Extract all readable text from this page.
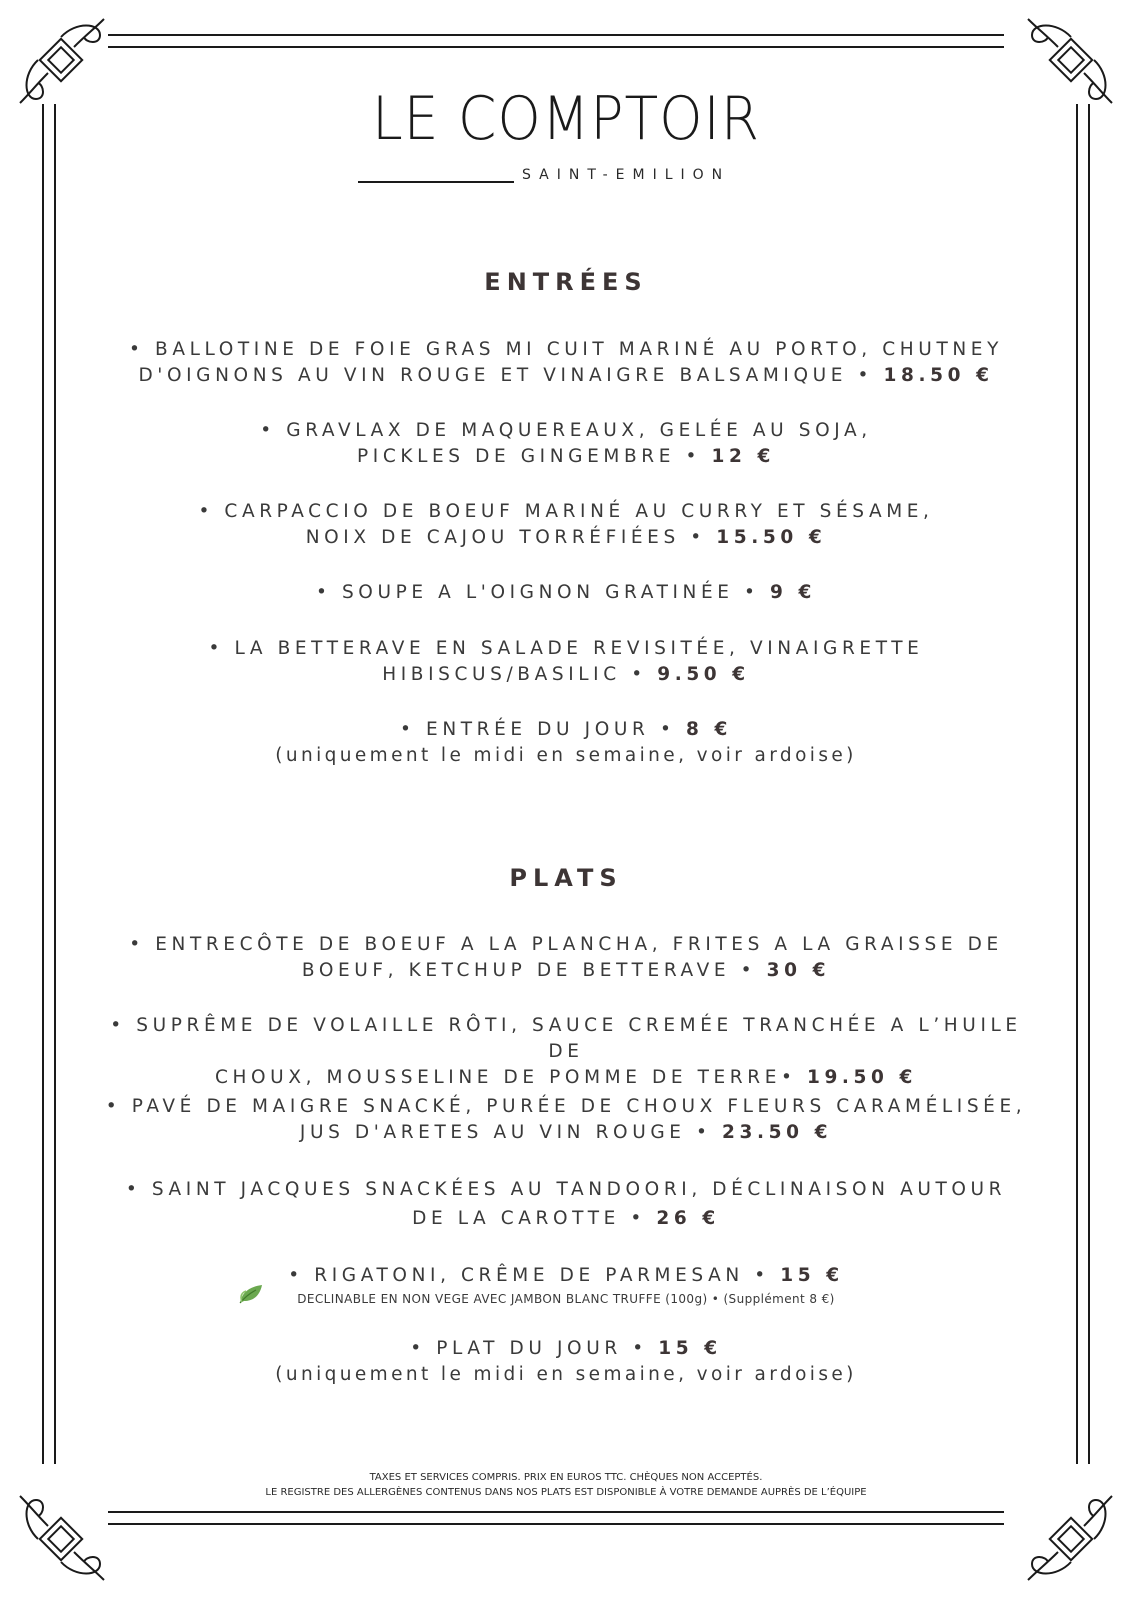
LE COMPTOIR
SAINT-EMILION
ENTRÉES
• BALLOTINE DE FOIE GRAS MI CUIT MARINÉ AU PORTO, CHUTNEY
D'OIGNONS AU VIN ROUGE ET VINAIGRE BALSAMIQUE • 18.50 €
• GRAVLAX DE MAQUEREAUX, GELÉE AU SOJA,
PICKLES DE GINGEMBRE • 12 €
• CARPACCIO DE BOEUF MARINÉ AU CURRY ET SÉSAME,
NOIX DE CAJOU TORRÉFIÉES • 15.50 €
• SOUPE A L'OIGNON GRATINÉE • 9 €
• LA BETTERAVE EN SALADE REVISITÉE, VINAIGRETTE
HIBISCUS/BASILIC • 9.50 €
• ENTRÉE DU JOUR • 8 €
(uniquement le midi en semaine, voir ardoise)
PLATS
• ENTRECÔTE DE BOEUF A LA PLANCHA, FRITES A LA GRAISSE DE
BOEUF, KETCHUP DE BETTERAVE • 30 €
• SUPRÊME DE VOLAILLE RÔTI, SAUCE CREMÉE TRANCHÉE A L’HUILE DE
CHOUX, MOUSSELINE DE POMME DE TERRE• 19.50 €
• PAVÉ DE MAIGRE SNACKÉ, PURÉE DE CHOUX FLEURS CARAMÉLISÉE,
JUS D'ARETES AU VIN ROUGE • 23.50 €
• SAINT JACQUES SNACKÉES AU TANDOORI, DÉCLINAISON AUTOUR
DE LA CAROTTE • 26 €
• RIGATONI, CRÊME DE PARMESAN • 15 €
DECLINABLE EN NON VEGE AVEC JAMBON BLANC TRUFFE (100g) • (Supplément 8 €)
• PLAT DU JOUR • 15 €
(uniquement le midi en semaine, voir ardoise)
TAXES ET SERVICES COMPRIS. PRIX EN EUROS TTC. CHÈQUES NON ACCEPTÉS.
LE REGISTRE DES ALLERGÈNES CONTENUS DANS NOS PLATS EST DISPONIBLE À VOTRE DEMANDE AUPRÈS DE L’ÉQUIPE
